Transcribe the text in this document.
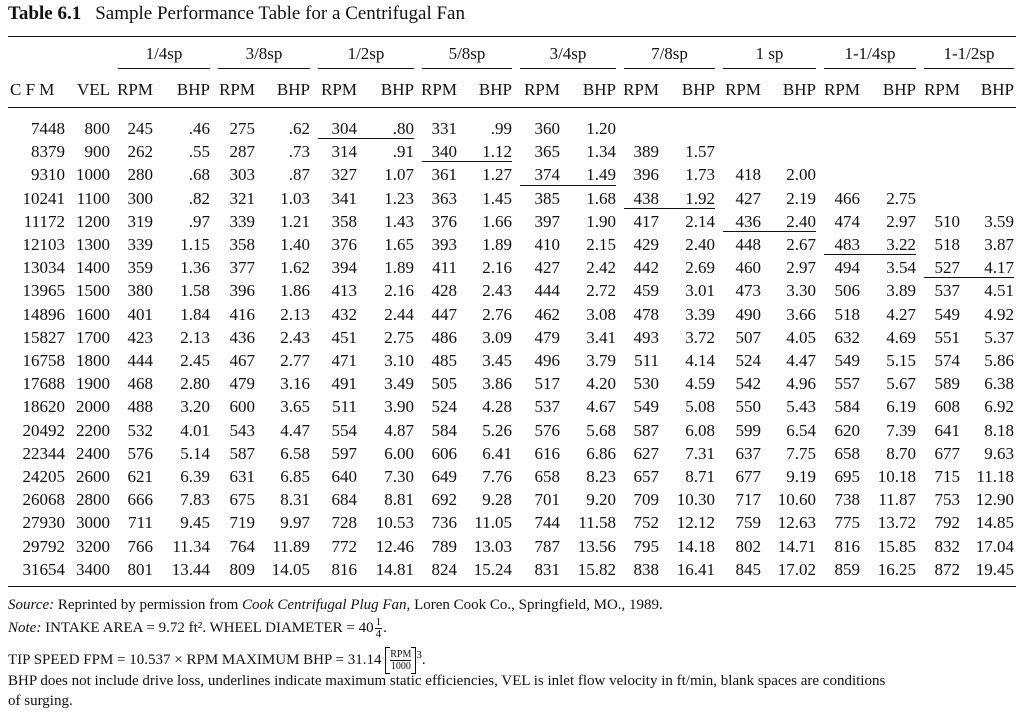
Table 6.1 Sample Performance Table for a Centrifugal Fan
1/4sp	3/8sp	1/2sp	5/8sp	3/4sp	7/8sp	1 sp	1-1/4sp	1-1/2sp
C F M VEL RPM BHP RPM BHP RPM BHP RPM BHP RPM BHP RPM BHP RPM BHP RPM BHP RPM BHP
7448	800	245	.46	275	.62	304	.80	331	.99	360	1.20								
8379	900	262	.55	287	.73	314	.91	340	1.12	365	1.34	389	1.57						
9310	1000	280	.68	303	.87	327	1.07	361	1.27	374	1.49	396	1.73	418	2.00				
10241	1100	300	.82	321	1.03	341	1.23	363	1.45	385	1.68	438	1.92	427	2.19	466	2.75		
11172	1200	319	.97	339	1.21	358	1.43	376	1.66	397	1.90	417	2.14	436	2.40	474	2.97	510	3.59
12103	1300	339	1.15	358	1.40	376	1.65	393	1.89	410	2.15	429	2.40	448	2.67	483	3.22	518	3.87
13034	1400	359	1.36	377	1.62	394	1.89	411	2.16	427	2.42	442	2.69	460	2.97	494	3.54	527	4.17
13965	1500	380	1.58	396	1.86	413	2.16	428	2.43	444	2.72	459	3.01	473	3.30	506	3.89	537	4.51
14896	1600	401	1.84	416	2.13	432	2.44	447	2.76	462	3.08	478	3.39	490	3.66	518	4.27	549	4.92
15827	1700	423	2.13	436	2.43	451	2.75	486	3.09	479	3.41	493	3.72	507	4.05	632	4.69	551	5.37
16758	1800	444	2.45	467	2.77	471	3.10	485	3.45	496	3.79	511	4.14	524	4.47	549	5.15	574	5.86
17688	1900	468	2.80	479	3.16	491	3.49	505	3.86	517	4.20	530	4.59	542	4.96	557	5.67	589	6.38
18620	2000	488	3.20	600	3.65	511	3.90	524	4.28	537	4.67	549	5.08	550	5.43	584	6.19	608	6.92
20492	2200	532	4.01	543	4.47	554	4.87	584	5.26	576	5.68	587	6.08	599	6.54	620	7.39	641	8.18
22344	2400	576	5.14	587	6.58	597	6.00	606	6.41	616	6.86	627	7.31	637	7.75	658	8.70	677	9.63
24205	2600	621	6.39	631	6.85	640	7.30	649	7.76	658	8.23	657	8.71	677	9.19	695	10.18	715	11.18
26068	2800	666	7.83	675	8.31	684	8.81	692	9.28	701	9.20	709	10.30	717	10.60	738	11.87	753	12.90
27930	3000	711	9.45	719	9.97	728	10.53	736	11.05	744	11.58	752	12.12	759	12.63	775	13.72	792	14.85
29792	3200	766	11.34	764	11.89	772	12.46	789	13.03	787	13.56	795	14.18	802	14.71	816	15.85	832	17.04
31654	3400	801	13.44	809	14.05	816	14.81	824	15.24	831	15.82	838	16.41	845	17.02	859	16.25	872	19.45
Source: Reprinted by permission from Cook Centrifugal Plug Fan, Loren Cook Co., Springfield, MO., 1989.
Note: INTAKE AREA = 9.72 ft². WHEEL DIAMETER = $40 \frac{1}{4}$ .
TIP SPEED FPM = 10.537 × RPM MAXIMUM BHP = 31.14 RPM
1000
$^3$.
BHP does not include drive loss, underlines indicate maximum static efficiencies, VEL is inlet flow velocity in ft/min, blank spaces are conditions
of surging.
